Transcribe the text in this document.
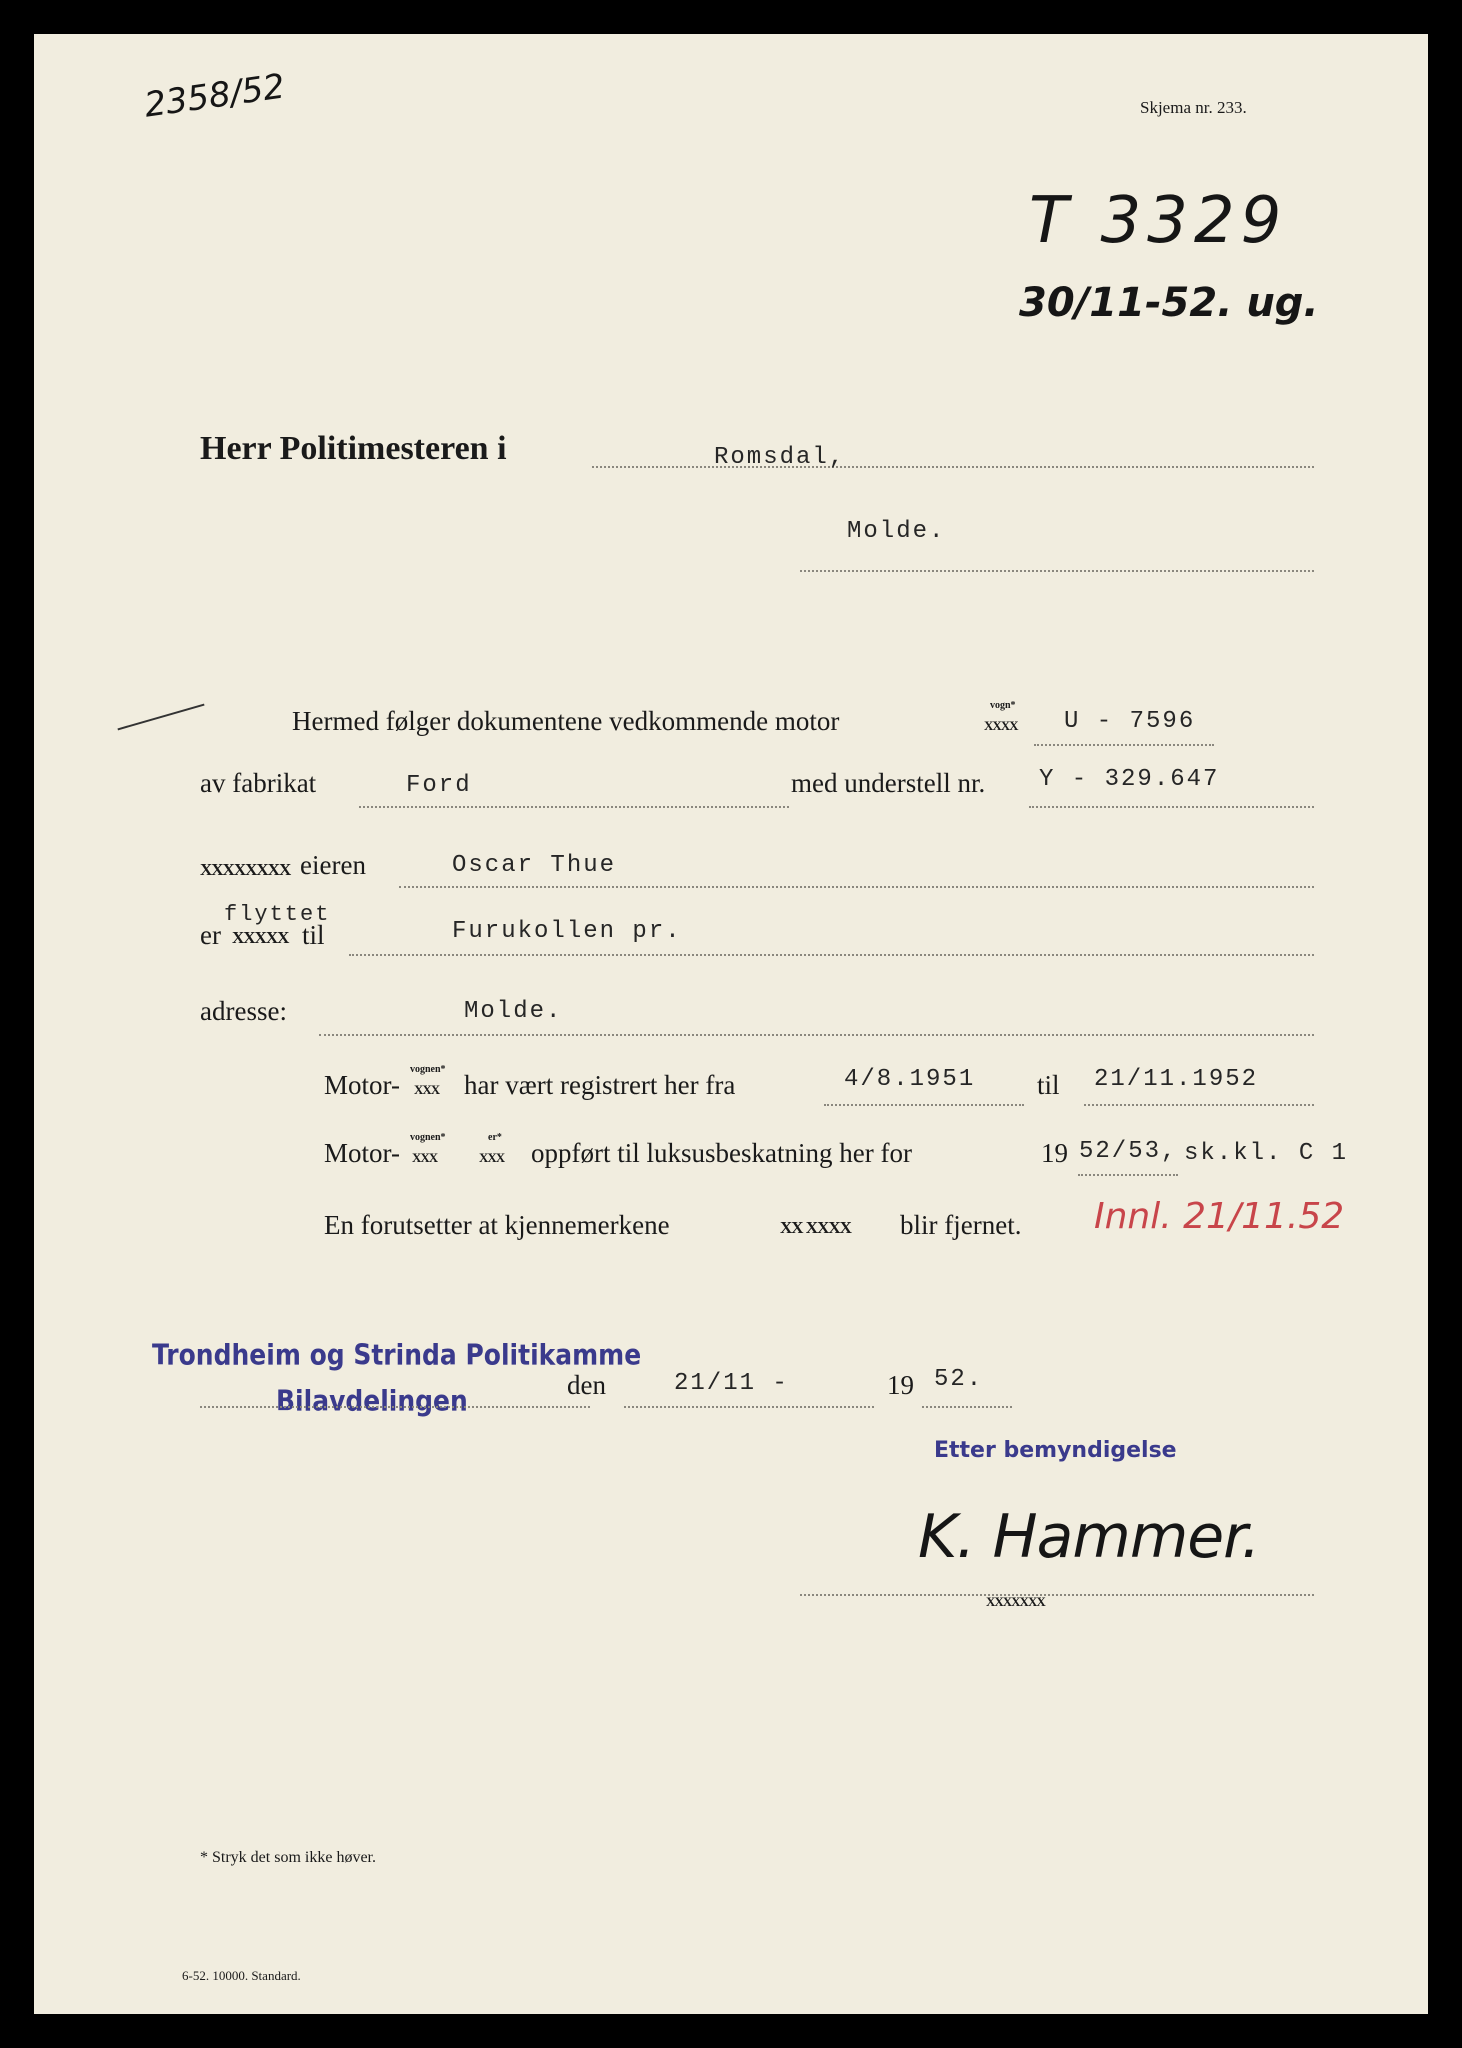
2358/52	Skjema nr. 233.
T 3329
30/11-52. ug.
Herr Politimesteren i	Romsdal,
Molde.
Hermed følger dokumentene vedkommende motor
vogn*
XXXX U - 7596
av fabrikat	Ford	med understell nr. Y - 329.647
XXXXXXXX eieren	Oscar Thue
flyttet
er XXXXX til	Furukollen pr.
adresse:	Molde.
Motor-
vognen*
XXX har vært registrert her fra	4/8.1951 til 21/11.1952
Motor-
vognen*
XXX
er*
XXX oppført til luksusbeskatning her for	19 52/53, sk.kl. C 1
En forutsetter at kjennemerkene	XX XXXX blir fjernet. Innl. 21/11.52
Trondheim og Strinda Politikamme
Bilavdelingen	den	21/11 -	19 52.
Etter bemyndigelse
K. Hammer.
XXXXXXX
* Stryk det som ikke høver.
6-52. 10000. Standard.
